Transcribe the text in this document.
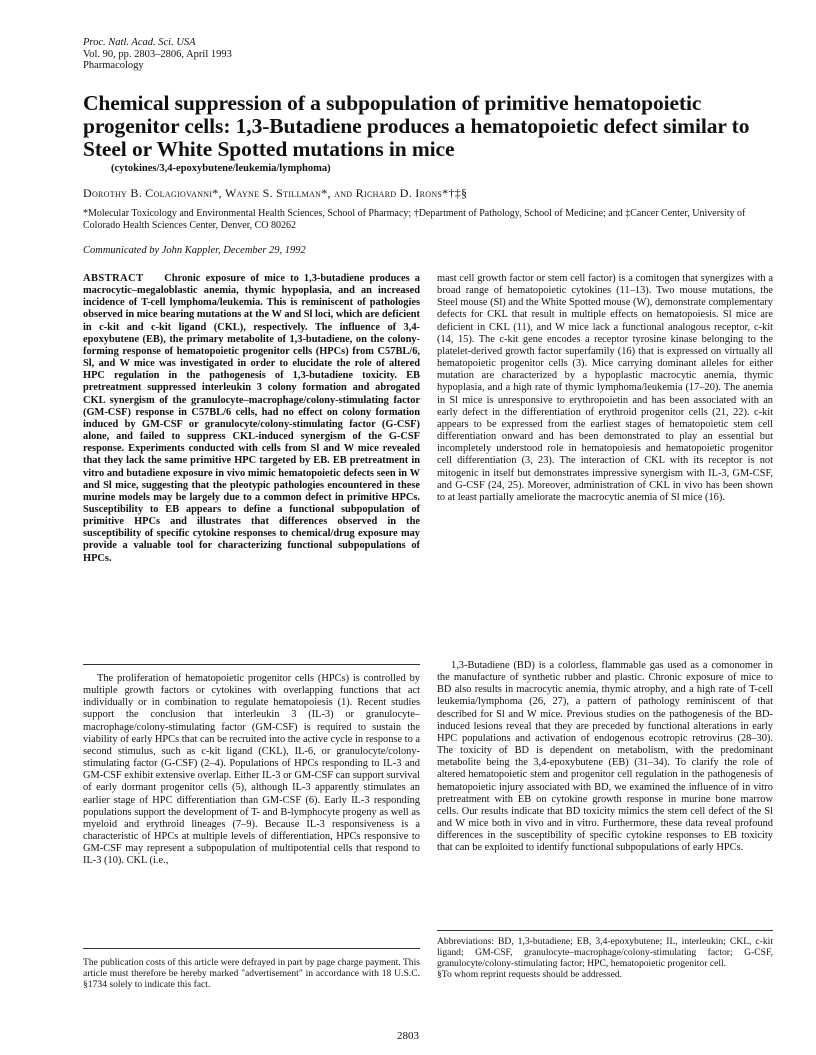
Proc. Natl. Acad. Sci. USA
Vol. 90, pp. 2803–2806, April 1993
Pharmacology
Chemical suppression of a subpopulation of primitive hematopoietic progenitor cells: 1,3-Butadiene produces a hematopoietic defect similar to Steel or White Spotted mutations in mice
(cytokines/3,4-epoxybutene/leukemia/lymphoma)
Dorothy B. Colagiovanni*, Wayne S. Stillman*, and Richard D. Irons*†‡§
*Molecular Toxicology and Environmental Health Sciences, School of Pharmacy; †Department of Pathology, School of Medicine; and ‡Cancer Center, University of Colorado Health Sciences Center, Denver, CO 80262
Communicated by John Kappler, December 29, 1992

ABSTRACT Chronic exposure of mice to 1,3-butadiene produces a macrocytic–megaloblastic anemia, thymic hypoplasia, and an increased incidence of T-cell lymphoma/leukemia. This is reminiscent of pathologies observed in mice bearing mutations at the W and Sl loci, which are deficient in c-kit and c-kit ligand (CKL), respectively. The influence of 3,4-epoxybutene (EB), the primary metabolite of 1,3-butadiene, on the colony-forming response of hematopoietic progenitor cells (HPCs) from C57BL/6, Sl, and W mice was investigated in order to elucidate the role of altered HPC regulation in the pathogenesis of 1,3-butadiene toxicity. EB pretreatment suppressed interleukin 3 colony formation and abrogated CKL synergism of the granulocyte–macrophage/colony-stimulating factor (GM-CSF) response in C57BL/6 cells, had no effect on colony formation induced by GM-CSF or granulocyte/colony-stimulating factor (G-CSF) alone, and failed to suppress CKL-induced synergism of the G-CSF response. Experiments conducted with cells from Sl and W mice revealed that they lack the same primitive HPC targeted by EB. EB pretreatment in vitro and butadiene exposure in vivo mimic hematopoietic defects seen in W and Sl mice, suggesting that the pleotypic pathologies encountered in these murine models may be largely due to a common defect in primitive HPCs. Susceptibility to EB appears to define a functional subpopulation of primitive HPCs and illustrates that differences observed in the susceptibility of specific cytokine responses to chemical/drug exposure may provide a valuable tool for characterizing functional subpopulations of HPCs.

The proliferation of hematopoietic progenitor cells (HPCs) is controlled by multiple growth factors or cytokines with overlapping functions that act individually or in combination to regulate hematopoiesis (1). Recent studies support the conclusion that interleukin 3 (IL-3) or granulocyte–macrophage/colony-stimulating factor (GM-CSF) is required to sustain the viability of early HPCs that can be recruited into the active cycle in response to a second stimulus, such as c-kit ligand (CKL), IL-6, or granulocyte/colony-stimulating factor (G-CSF) (2–4). Populations of HPCs responding to IL-3 and GM-CSF exhibit extensive overlap. Either IL-3 or GM-CSF can support survival of early dormant progenitor cells (5), although IL-3 apparently stimulates an earlier stage of HPC differentiation than GM-CSF (6). Early IL-3 responding populations support the development of T- and B-lymphocyte progeny as well as myeloid and erythroid lineages (7–9). Because IL-3 responsiveness is a characteristic of HPCs at multiple levels of differentiation, HPCs responsive to GM-CSF may represent a subpopulation of multipotential cells that respond to IL-3 (10). CKL (i.e.,

The publication costs of this article were defrayed in part by page charge payment. This article must therefore be hereby marked "advertisement" in accordance with 18 U.S.C. §1734 solely to indicate this fact.

mast cell growth factor or stem cell factor) is a comitogen that synergizes with a broad range of hematopoietic cytokines (11–13). Two mouse mutations, the Steel mouse (Sl) and the White Spotted mouse (W), demonstrate complementary defects for CKL that result in multiple effects on hematopoiesis. Sl mice are deficient in CKL (11), and W mice lack a functional analogous receptor, c-kit (14, 15). The c-kit gene encodes a receptor tyrosine kinase belonging to the platelet-derived growth factor superfamily (16) that is expressed on virtually all hematopoietic progenitor cells (3). Mice carrying dominant alleles for either mutation are characterized by a hypoplastic macrocytic anemia, thymic hypoplasia, and a high rate of thymic lymphoma/leukemia (17–20). The anemia in Sl mice is unresponsive to erythropoietin and has been associated with an early defect in the differentiation of erythroid progenitor cells (21, 22). c-kit appears to be expressed from the earliest stages of hematopoietic stem cell differentiation onward and has been demonstrated to play an essential but incompletely understood role in hematopoiesis and hematopoietic progenitor cell differentiation (3, 23). The interaction of CKL with its receptor is not mitogenic in itself but demonstrates impressive synergism with IL-3, GM-CSF, and G-CSF (24, 25). Moreover, administration of CKL in vivo has been shown to at least partially ameliorate the macrocytic anemia of Sl mice (16).

1,3-Butadiene (BD) is a colorless, flammable gas used as a comonomer in the manufacture of synthetic rubber and plastic. Chronic exposure of mice to BD also results in macrocytic anemia, thymic atrophy, and a high rate of T-cell leukemia/lymphoma (26, 27), a pattern of pathology reminiscent of that described for Sl and W mice. Previous studies on the pathogenesis of the BD-induced lesions reveal that they are preceded by functional alterations in early HPC populations and activation of endogenous ecotropic retrovirus (28–30). The toxicity of BD is dependent on metabolism, with the predominant metabolite being the 3,4-epoxybutene (EB) (31–34). To clarify the role of altered hematopoietic stem and progenitor cell regulation in the pathogenesis of hematopoietic injury associated with BD, we examined the influence of in vitro pretreatment with EB on cytokine growth response in murine bone marrow cells. Our results indicate that BD toxicity mimics the stem cell defect of the Sl and W mice both in vivo and in vitro. Furthermore, these data reveal profound differences in the susceptibility of specific cytokine responses to EB toxicity that can be exploited to identify functional subpopulations of early HPCs.

Abbreviations: BD, 1,3-butadiene; EB, 3,4-epoxybutene; IL, interleukin; CKL, c-kit ligand; GM-CSF, granulocyte–macrophage/colony-stimulating factor; G-CSF, granulocyte/colony-stimulating factor; HPC, hematopoietic progenitor cell.
§To whom reprint requests should be addressed.
2803
